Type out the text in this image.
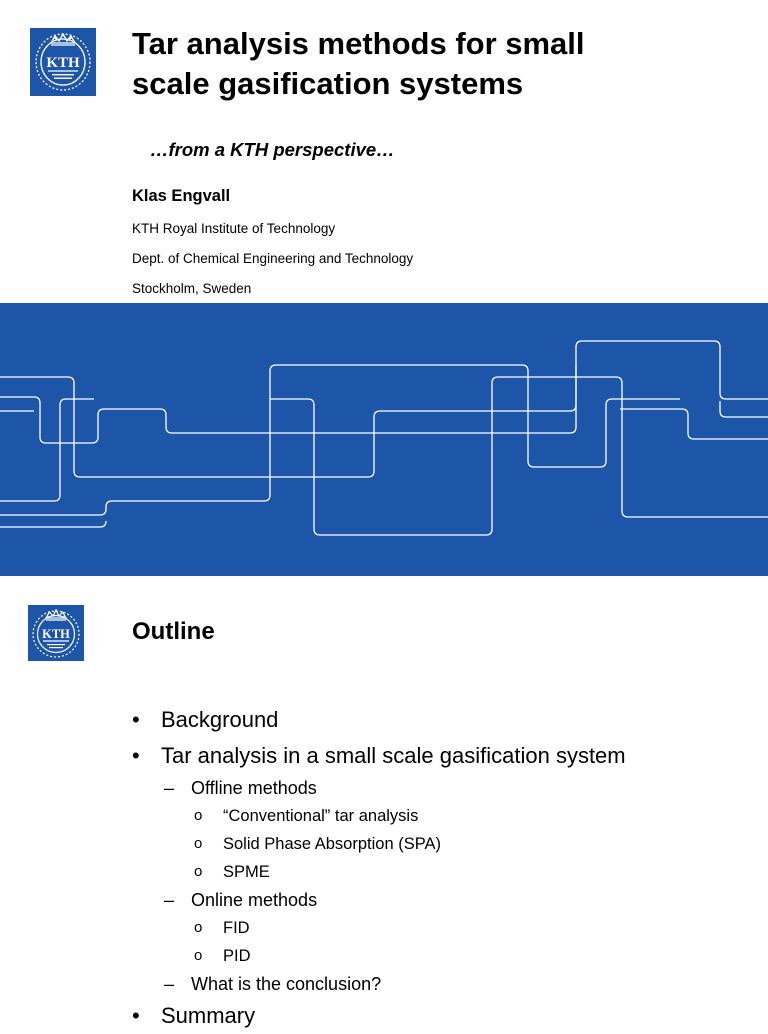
KTH
Tar analysis methods for small
scale gasification systems
…from a KTH perspective…
Klas Engvall
KTH Royal Institute of Technology
Dept. of Chemical Engineering and Technology
Stockholm, Sweden
KTH	Outline
• Background
• Tar analysis in a small scale gasification system
– Offline methods
o “Conventional” tar analysis
o Solid Phase Absorption (SPA)
o SPME
– Online methods
o FID
o PID
– What is the conclusion?
• Summary
